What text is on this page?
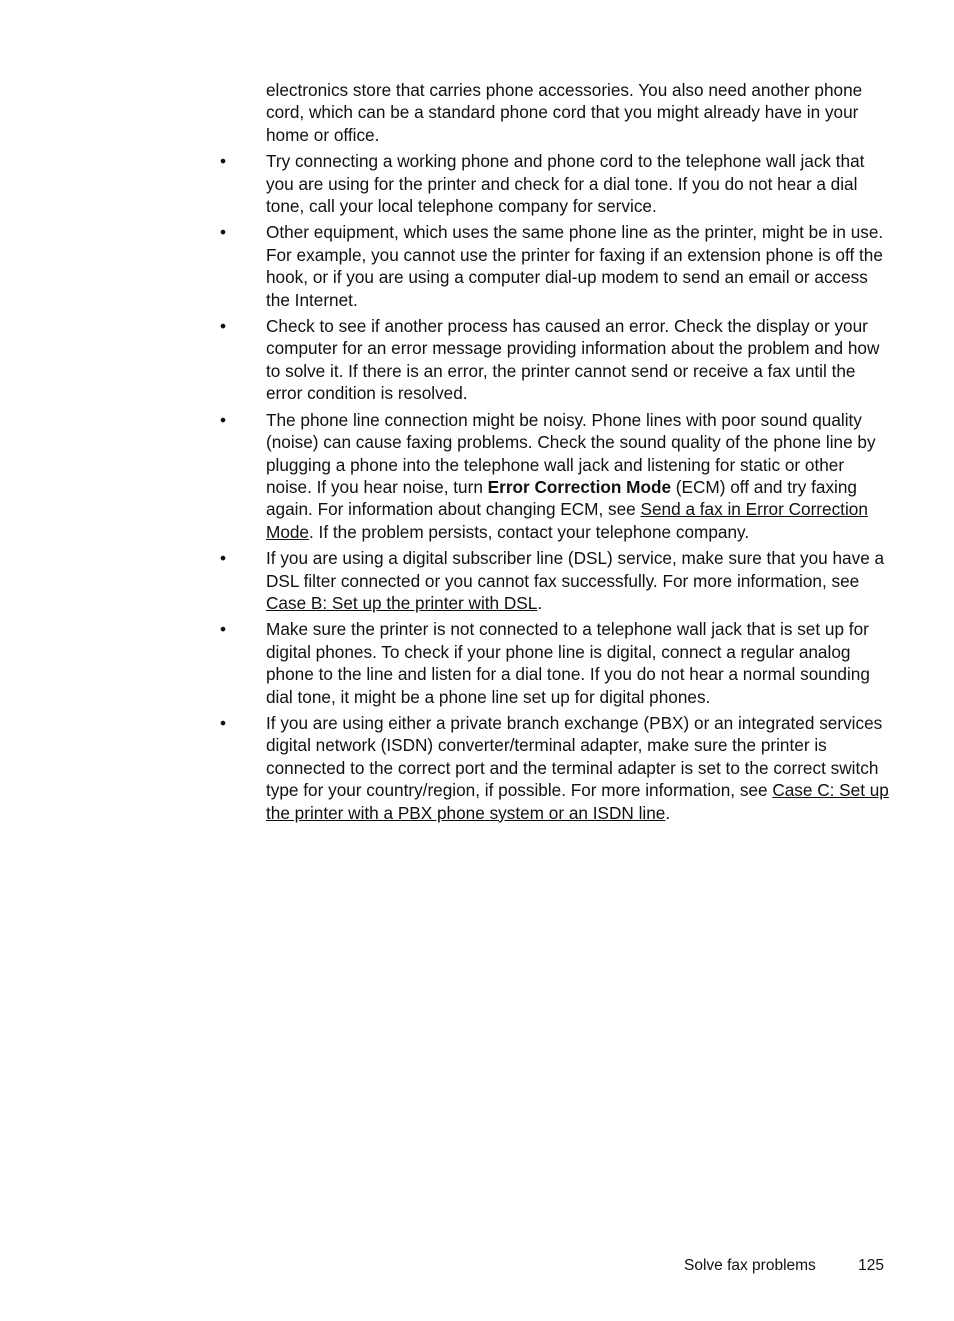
electronics store that carries phone accessories. You also need another phone cord, which can be a standard phone cord that you might already have in your home or office.

• Try connecting a working phone and phone cord to the telephone wall jack that you are using for the printer and check for a dial tone. If you do not hear a dial tone, call your local telephone company for service.
• Other equipment, which uses the same phone line as the printer, might be in use. For example, you cannot use the printer for faxing if an extension phone is off the hook, or if you are using a computer dial-up modem to send an email or access the Internet.
• Check to see if another process has caused an error. Check the display or your computer for an error message providing information about the problem and how to solve it. If there is an error, the printer cannot send or receive a fax until the error condition is resolved.
• The phone line connection might be noisy. Phone lines with poor sound quality (noise) can cause faxing problems. Check the sound quality of the phone line by plugging a phone into the telephone wall jack and listening for static or other noise. If you hear noise, turn Error Correction Mode (ECM) off and try faxing again. For information about changing ECM, see Send a fax in Error Correction Mode. If the problem persists, contact your telephone company.
• If you are using a digital subscriber line (DSL) service, make sure that you have a DSL filter connected or you cannot fax successfully. For more information, see Case B: Set up the printer with DSL.
• Make sure the printer is not connected to a telephone wall jack that is set up for digital phones. To check if your phone line is digital, connect a regular analog phone to the line and listen for a dial tone. If you do not hear a normal sounding dial tone, it might be a phone line set up for digital phones.
• If you are using either a private branch exchange (PBX) or an integrated services digital network (ISDN) converter/terminal adapter, make sure the printer is connected to the correct port and the terminal adapter is set to the correct switch type for your country/region, if possible. For more information, see Case C: Set up the printer with a PBX phone system or an ISDN line.
Solve fax problems	125
